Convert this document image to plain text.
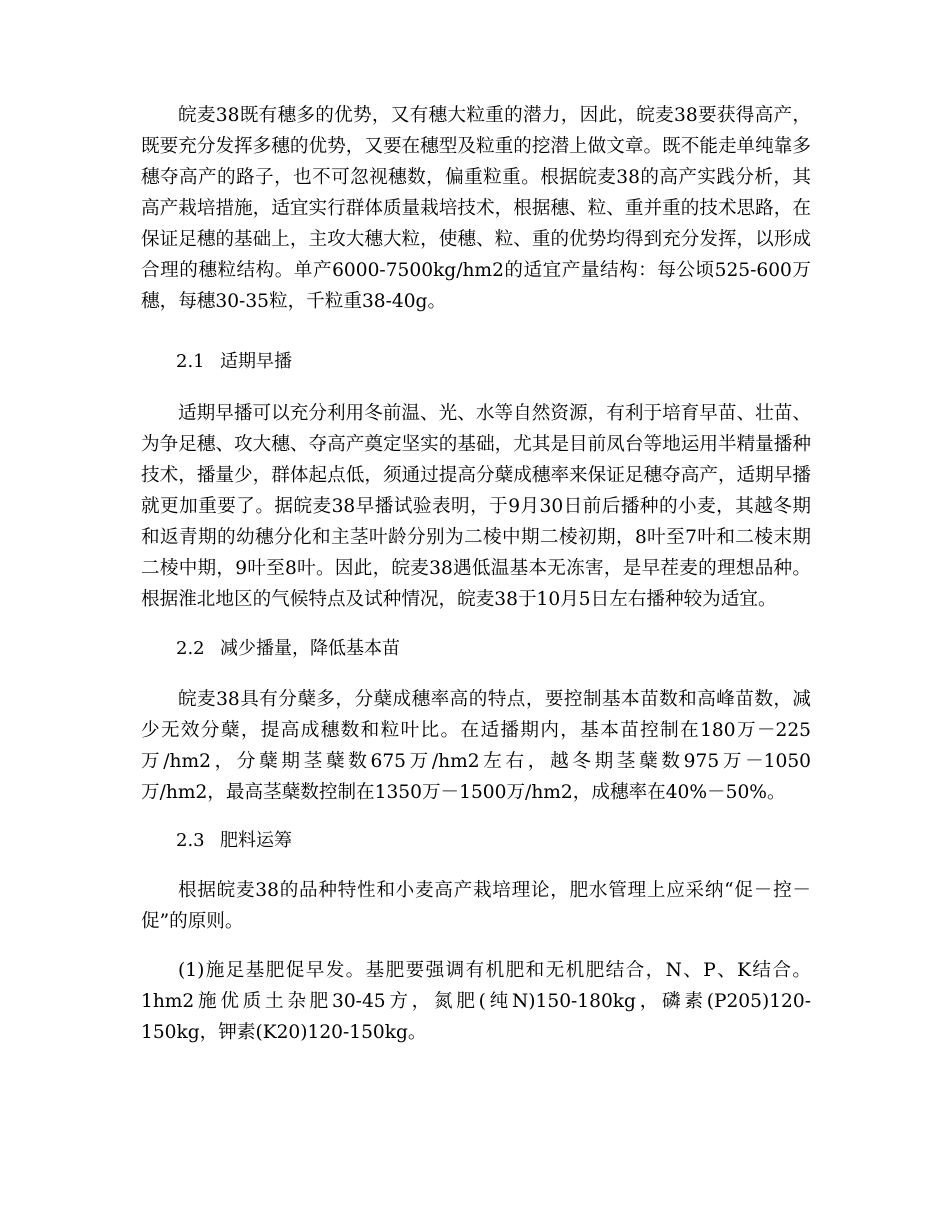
皖麦38既有穗多的优势，又有穗大粒重的潜力，因此，皖麦38要获得高产，既要充分发挥多穗的优势，又要在穗型及粒重的挖潜上做文章。既不能走单纯靠多穗夺高产的路子，也不可忽视穗数，偏重粒重。根据皖麦38的高产实践分析，其高产栽培措施，适宜实行群体质量栽培技术，根据穗、粒、重并重的技术思路，在保证足穗的基础上，主攻大穗大粒，使穗、粒、重的优势均得到充分发挥，以形成合理的穗粒结构。单产6000-7500kg/hm2的适宜产量结构：每公顷525-600万穗，每穗30-35粒，千粒重38-40g。

2.1 适期早播

适期早播可以充分利用冬前温、光、水等自然资源，有利于培育早苗、壮苗、为争足穗、攻大穗、夺高产奠定坚实的基础，尤其是目前凤台等地运用半精量播种技术，播量少，群体起点低，须通过提高分蘖成穗率来保证足穗夺高产，适期早播就更加重要了。据皖麦38早播试验表明，于9月30日前后播种的小麦，其越冬期和返青期的幼穗分化和主茎叶龄分别为二棱中期二棱初期，8叶至7叶和二棱末期二棱中期，9叶至8叶。因此，皖麦38遇低温基本无冻害，是早茬麦的理想品种。根据淮北地区的气候特点及试种情况，皖麦38于10月5日左右播种较为适宜。

2.2 减少播量，降低基本苗

皖麦38具有分蘖多，分蘖成穗率高的特点，要控制基本苗数和高峰苗数，减少无效分蘖，提高成穗数和粒叶比。在适播期内，基本苗控制在180万－225万/hm2，分蘖期茎蘖数675万/hm2左右，越冬期茎蘖数975万－1050万/hm2，最高茎蘖数控制在1350万－1500万/hm2，成穗率在40%－50%。

2.3 肥料运筹

根据皖麦38的品种特性和小麦高产栽培理论，肥水管理上应采纳“促－控－促”的原则。

(1)施足基肥促早发。基肥要强调有机肥和无机肥结合，N、P、K结合。1hm2施优质土杂肥30-45方，氮肥(纯N)150-180kg，磷素(P205)120-150kg，钾素(K20)120-150kg。
